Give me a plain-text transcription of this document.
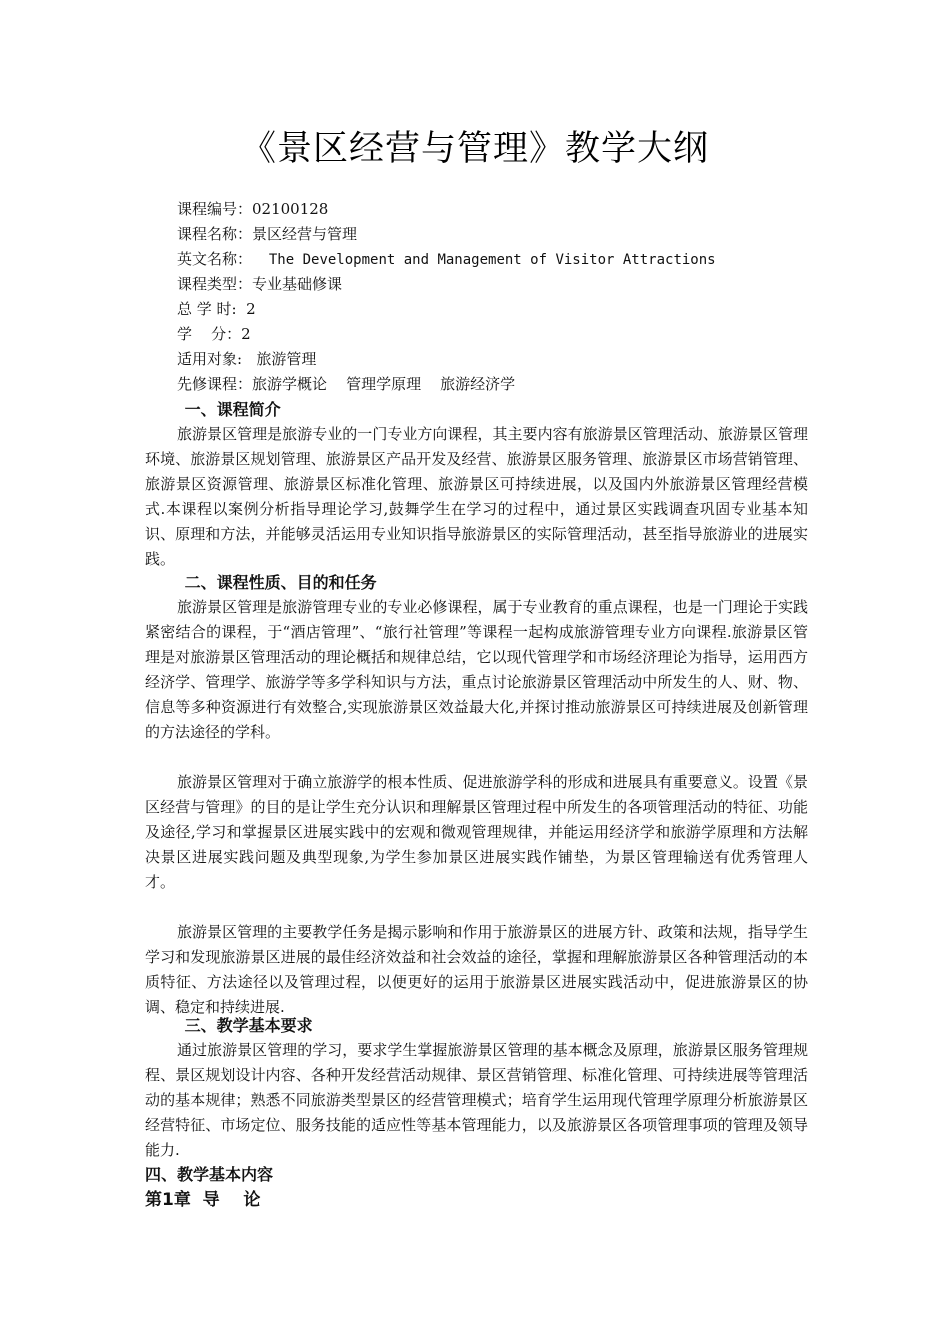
《景区经营与管理》教学大纲
课程编号：02100128
课程名称：景区经营与管理
英文名称：  The Development and Management of Visitor Attractions
课程类型：专业基础修课
总 学 时:  2
学    分：2
适用对象:   旅游管理
先修课程：旅游学概论    管理学原理    旅游经济学
一、课程简介

旅游景区管理是旅游专业的一门专业方向课程，其主要内容有旅游景区管理活动、旅游景区管理环境、旅游景区规划管理、旅游景区产品开发及经营、旅游景区服务管理、旅游景区市场营销管理、旅游景区资源管理、旅游景区标准化管理、旅游景区可持续进展，以及国内外旅游景区管理经营模式.本课程以案例分析指导理论学习,鼓舞学生在学习的过程中，通过景区实践调查巩固专业基本知识、原理和方法，并能够灵活运用专业知识指导旅游景区的实际管理活动，甚至指导旅游业的进展实践。

二、课程性质、目的和任务

旅游景区管理是旅游管理专业的专业必修课程，属于专业教育的重点课程，也是一门理论于实践紧密结合的课程，于“酒店管理”、“旅行社管理”等课程一起构成旅游管理专业方向课程.旅游景区管理是对旅游景区管理活动的理论概括和规律总结，它以现代管理学和市场经济理论为指导，运用西方经济学、管理学、旅游学等多学科知识与方法，重点讨论旅游景区管理活动中所发生的人、财、物、信息等多种资源进行有效整合,实现旅游景区效益最大化,并探讨推动旅游景区可持续进展及创新管理的方法途径的学科。

旅游景区管理对于确立旅游学的根本性质、促进旅游学科的形成和进展具有重要意义。设置《景区经营与管理》的目的是让学生充分认识和理解景区管理过程中所发生的各项管理活动的特征、功能及途径,学习和掌握景区进展实践中的宏观和微观管理规律，并能运用经济学和旅游学原理和方法解决景区进展实践问题及典型现象,为学生参加景区进展实践作铺垫，为景区管理输送有优秀管理人才。

旅游景区管理的主要教学任务是揭示影响和作用于旅游景区的进展方针、政策和法规，指导学生学习和发现旅游景区进展的最佳经济效益和社会效益的途径，掌握和理解旅游景区各种管理活动的本质特征、方法途径以及管理过程，以便更好的运用于旅游景区进展实践活动中，促进旅游景区的协调、稳定和持续进展.

三、教学基本要求

通过旅游景区管理的学习，要求学生掌握旅游景区管理的基本概念及原理，旅游景区服务管理规程、景区规划设计内容、各种开发经营活动规律、景区营销管理、标准化管理、可持续进展等管理活动的基本规律；熟悉不同旅游类型景区的经营管理模式；培育学生运用现代管理学原理分析旅游景区经营特征、市场定位、服务技能的适应性等基本管理能力，以及旅游景区各项管理事项的管理及领导能力.

四、教学基本内容
第1章  导    论
